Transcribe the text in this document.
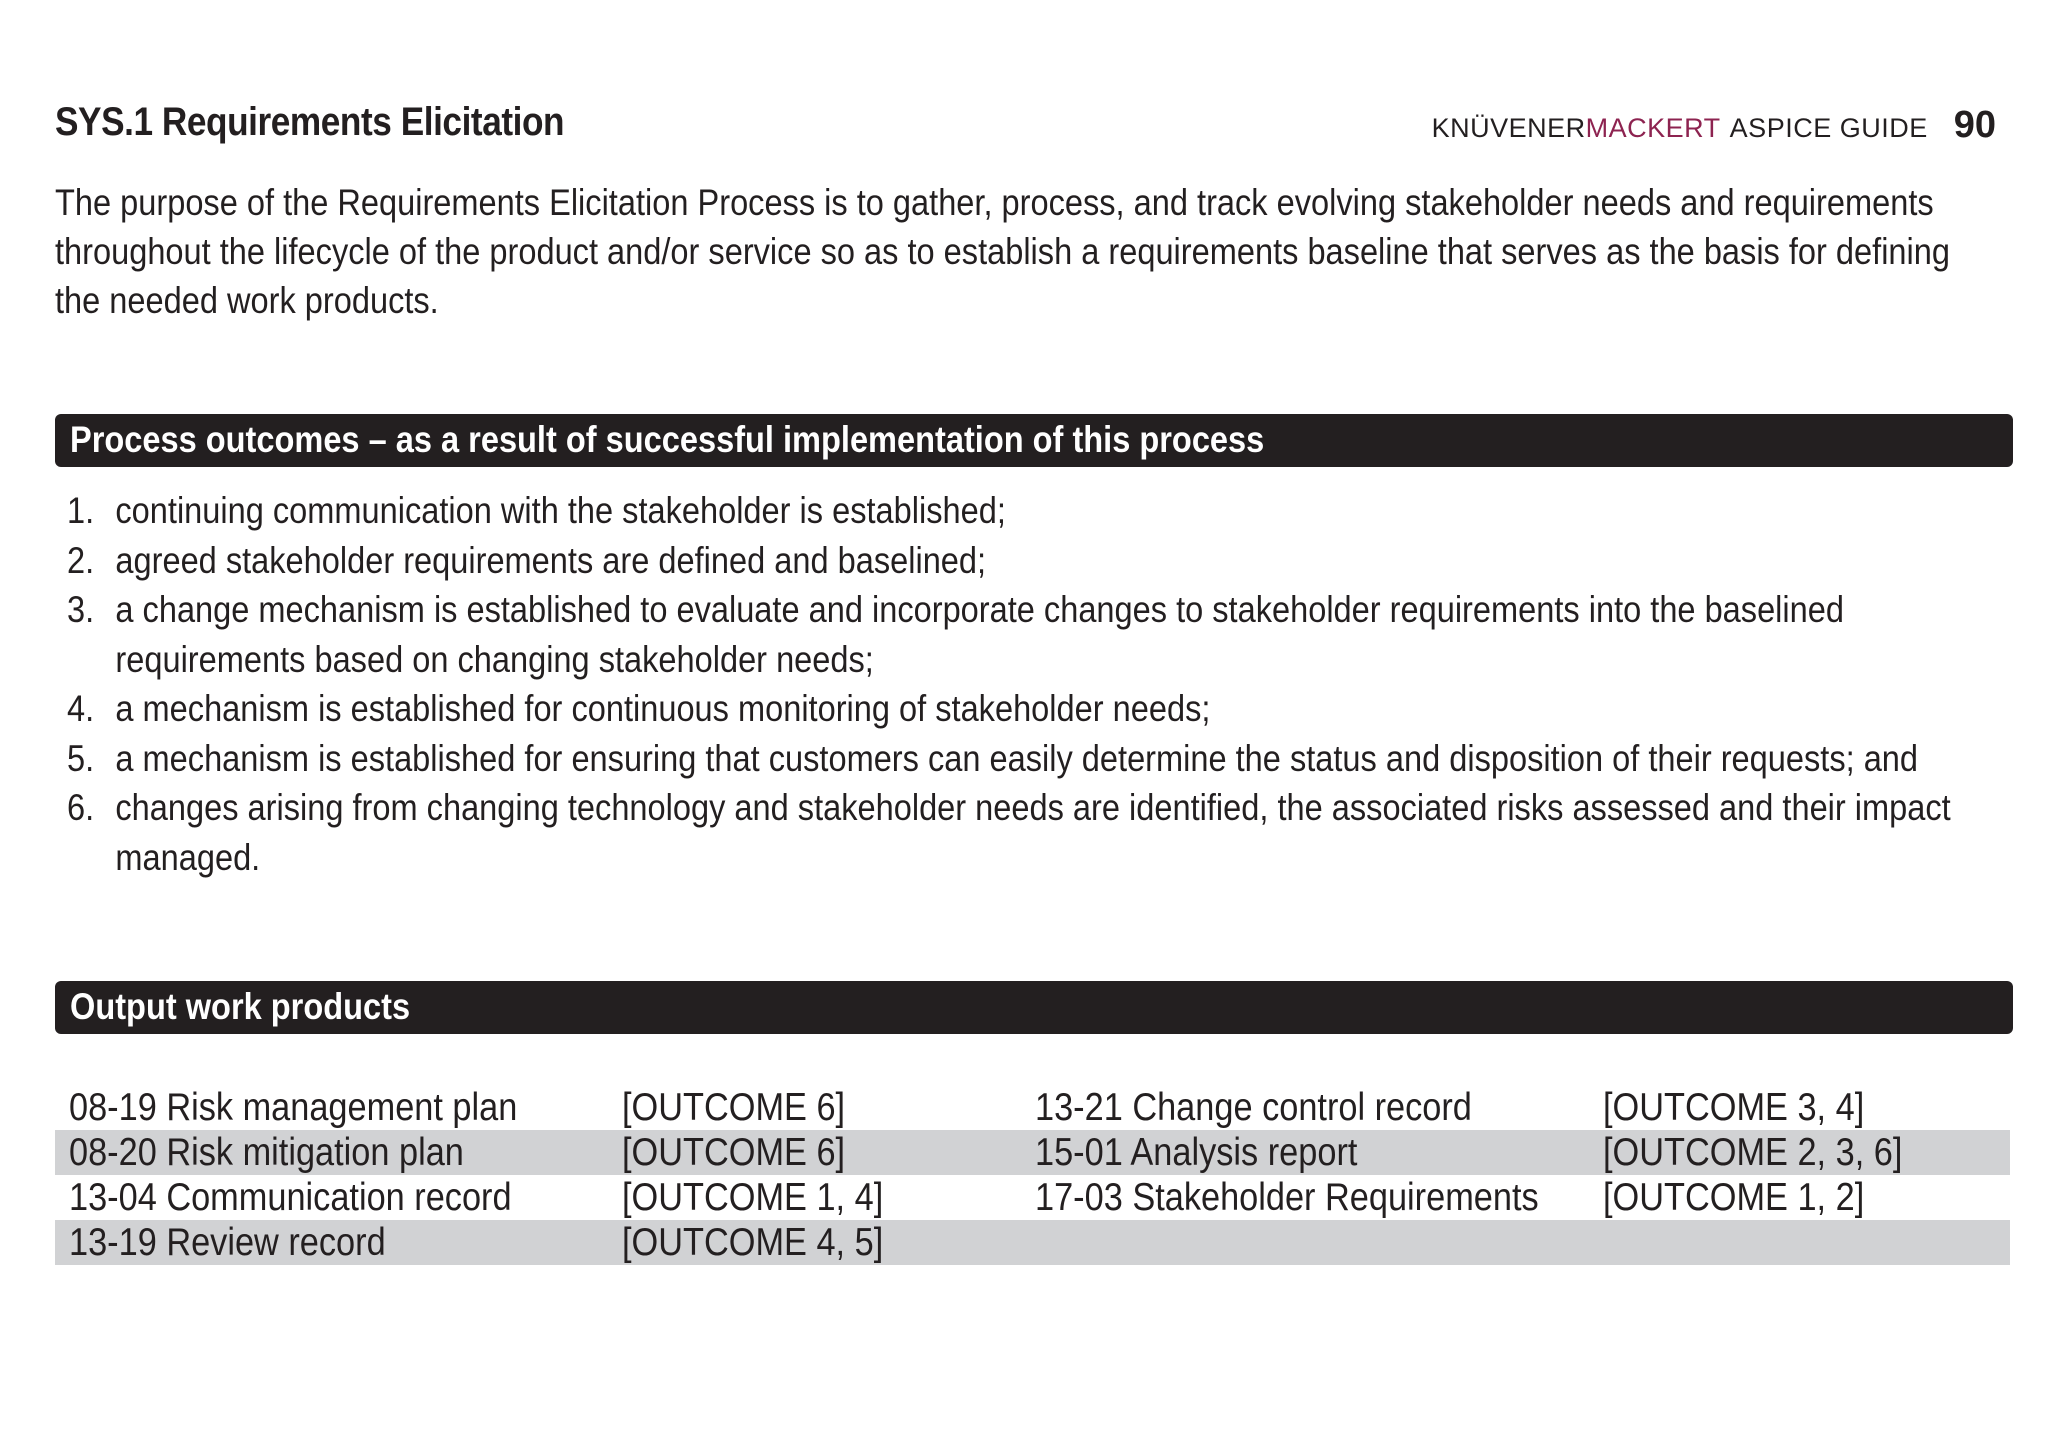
SYS.1 Requirements Elicitation	KNÜVENER MACKERT ASPICE GUIDE 90
The purpose of the Requirements Elicitation Process is to gather, process, and track evolving stakeholder needs and requirements throughout the lifecycle of the product and/or service so as to establish a requirements baseline that serves as the basis for defining the needed work products.
Process outcomes – as a result of successful implementation of this process
1. continuing communication with the stakeholder is established;
2. agreed stakeholder requirements are defined and baselined;
3. a change mechanism is established to evaluate and incorporate changes to stakeholder requirements into the baselined requirements based on changing stakeholder needs;
4. a mechanism is established for continuous monitoring of stakeholder needs;
5. a mechanism is established for ensuring that customers can easily determine the status and disposition of their requests; and
6. changes arising from changing technology and stakeholder needs are identified, the associated risks assessed and their impact managed.
Output work products
08-19 Risk management plan	[OUTCOME 6]	13-21 Change control record	[OUTCOME 3, 4]
08-20 Risk mitigation plan	[OUTCOME 6]	15-01 Analysis report	[OUTCOME 2, 3, 6]
13-04 Communication record	[OUTCOME 1, 4]	17-03 Stakeholder Requirements [OUTCOME 1, 2]
13-19 Review record	[OUTCOME 4, 5]
